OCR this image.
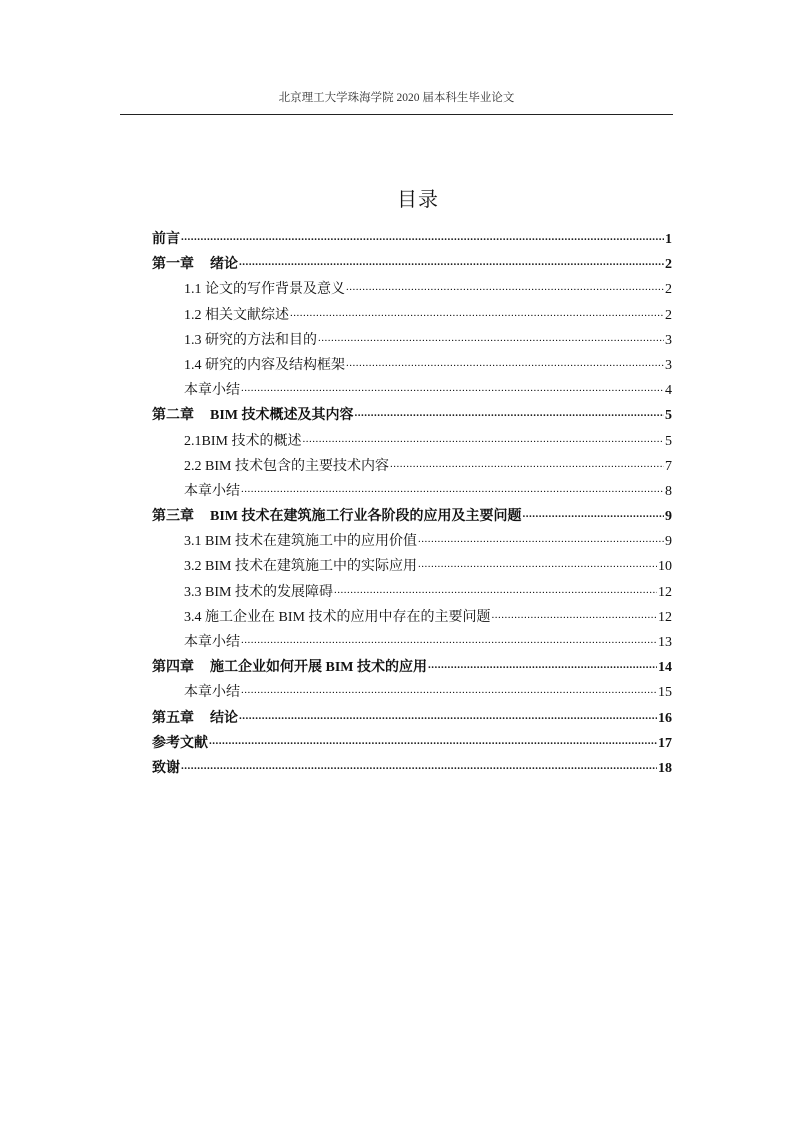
北京理工大学珠海学院 2020 届本科生毕业论文
目录
前言 .....	1
第一章 绪论 .....	2
1.1 论文的写作背景及意义 .....	2
1.2 相关文献综述 .....	2
1.3 研究的方法和目的 .....	3
1.4 研究的内容及结构框架 .....	3
本章小结 .....	4
第二章 BIM 技术概述及其内容 .....	5
2.1BIM 技术的概述 .....	5
2.2 BIM 技术包含的主要技术内容 .....	7
本章小结 .....	8
第三章 BIM 技术在建筑施工行业各阶段的应用及主要问题 .....	9
3.1 BIM 技术在建筑施工中的应用价值 .....	9
3.2 BIM 技术在建筑施工中的实际应用 .....	10
3.3 BIM 技术的发展障碍 .....	12
3.4 施工企业在 BIM 技术的应用中存在的主要问题 .....	12
本章小结 .....	13
第四章 施工企业如何开展 BIM 技术的应用 .....	14
本章小结 .....	15
第五章 结论 .....	16
参考文献 .....	17
致谢 .....	18
